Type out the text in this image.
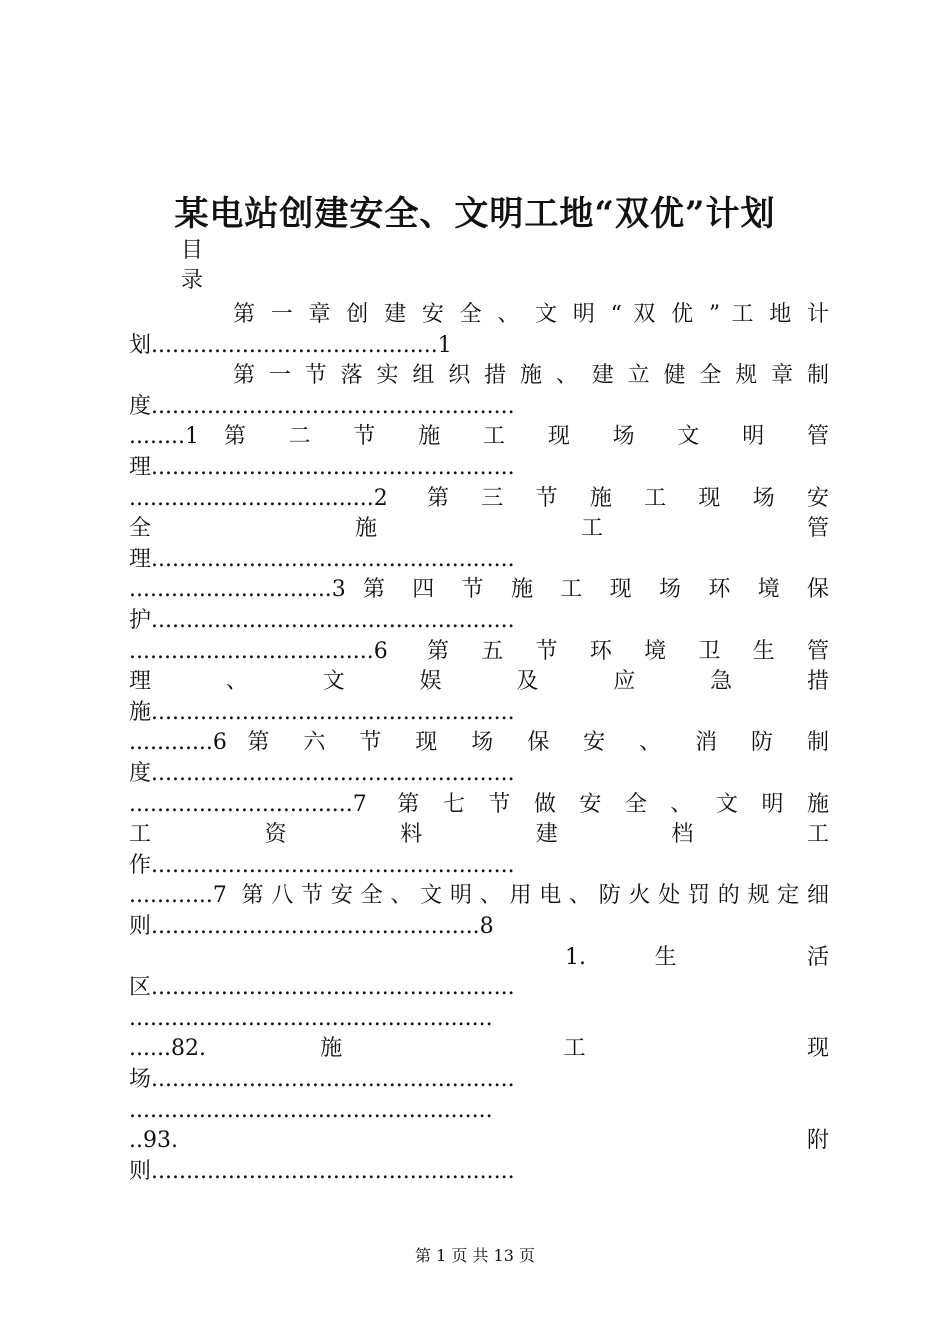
某电站创建安全、文明工地“双优”计划
目
录
第 一 章 创 建 安 全 、 文 明 “ 双 优 ” 工 地 计
划.........................................1
第 一 节 落 实 组 织 措 施 、 建 立 健 全 规 章 制
度....................................................
........1 第 二 节 施 工 现 场 文 明 管
理....................................................
...................................2 第三节施工现场安
全 施 工 管
理....................................................
.............................3 第 四 节 施 工 现 场 环 境 保
护....................................................
...................................6 第五节环境卫生管
理 、 文 娱 及 应 急 措
施....................................................
............6 第 六 节 现 场 保 安 、 消 防 制
度....................................................
................................7 第七节做安全、文明施
工 资 料 建 档 工
作....................................................
............7 第八节安全、文明、用电、防火处罚的规定细
则...............................................8
1. 生 活
区....................................................
....................................................
......82. 施 工 现
场....................................................
....................................................
..93. 附
则....................................................
第 1 页 共 13 页
